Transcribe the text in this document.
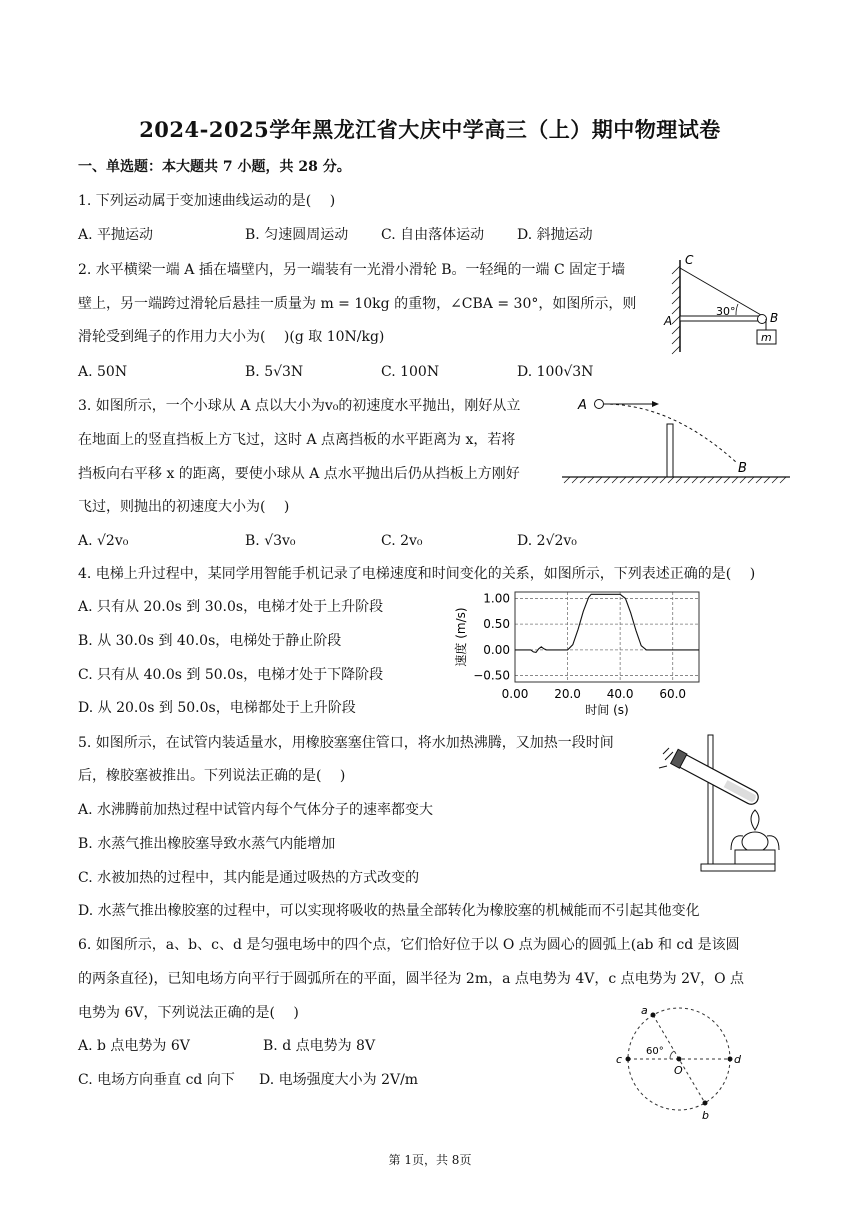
2024-2025学年黑龙江省大庆中学高三（上）期中物理试卷
一、单选题：本大题共 7 小题，共 28 分。
1. 下列运动属于变加速曲线运动的是(　 )
A. 平抛运动	B. 匀速圆周运动 C. 自由落体运动 D. 斜抛运动
2. 水平横梁一端 A 插在墙壁内，另一端装有一光滑小滑轮 B。一轻绳的一端 C 固定于墙
壁上，另一端跨过滑轮后悬挂一质量为 m = 10kg 的重物，∠CBA = 30°，如图所示，则
滑轮受到绳子的作用力大小为(　 )(g 取 10N/kg)
A. 50N	B. 5√3N	C. 100N	D. 100√3N
C
A	B
30°
m
3. 如图所示，一个小球从 A 点以大小为v₀的初速度水平抛出，刚好从立
在地面上的竖直挡板上方飞过，这时 A 点离挡板的水平距离为 x，若将
挡板向右平移 x 的距离，要使小球从 A 点水平抛出后仍从挡板上方刚好
飞过，则抛出的初速度大小为(　 )
A. √2v₀	B. √3v₀	C. 2v₀	D. 2√2v₀
A
B
4. 电梯上升过程中，某同学用智能手机记录了电梯速度和时间变化的关系，如图所示，下列表述正确的是(　 )
A. 只有从 20.0s 到 30.0s，电梯才处于上升阶段
B. 从 30.0s 到 40.0s，电梯处于静止阶段
C. 只有从 40.0s 到 50.0s，电梯才处于下降阶段
D. 从 20.0s 到 50.0s，电梯都处于上升阶段
1.00
0.50
0.00
−0.50
0.00 20.0 40.0 60.0
速度 (m/s)
时间 (s)
5. 如图所示，在试管内装适量水，用橡胶塞塞住管口，将水加热沸腾，又加热一段时间
后，橡胶塞被推出。下列说法正确的是(　 )
A. 水沸腾前加热过程中试管内每个气体分子的速率都变大
B. 水蒸气推出橡胶塞导致水蒸气内能增加
C. 水被加热的过程中，其内能是通过吸热的方式改变的
D. 水蒸气推出橡胶塞的过程中，可以实现将吸收的热量全部转化为橡胶塞的机械能而不引起其他变化
6. 如图所示，a、b、c、d 是匀强电场中的四个点，它们恰好位于以 O 点为圆心的圆弧上(ab 和 cd 是该圆
的两条直径)，已知电场方向平行于圆弧所在的平面，圆半径为 2m，a 点电势为 4V，c 点电势为 2V，O 点
电势为 6V，下列说法正确的是(　 )
A. b 点电势为 6V	B. d 点电势为 8V
C. 电场方向垂直 cd 向下 D. 电场强度大小为 2V/m
a
b
c	d
O
60°
第 1页，共 8页
